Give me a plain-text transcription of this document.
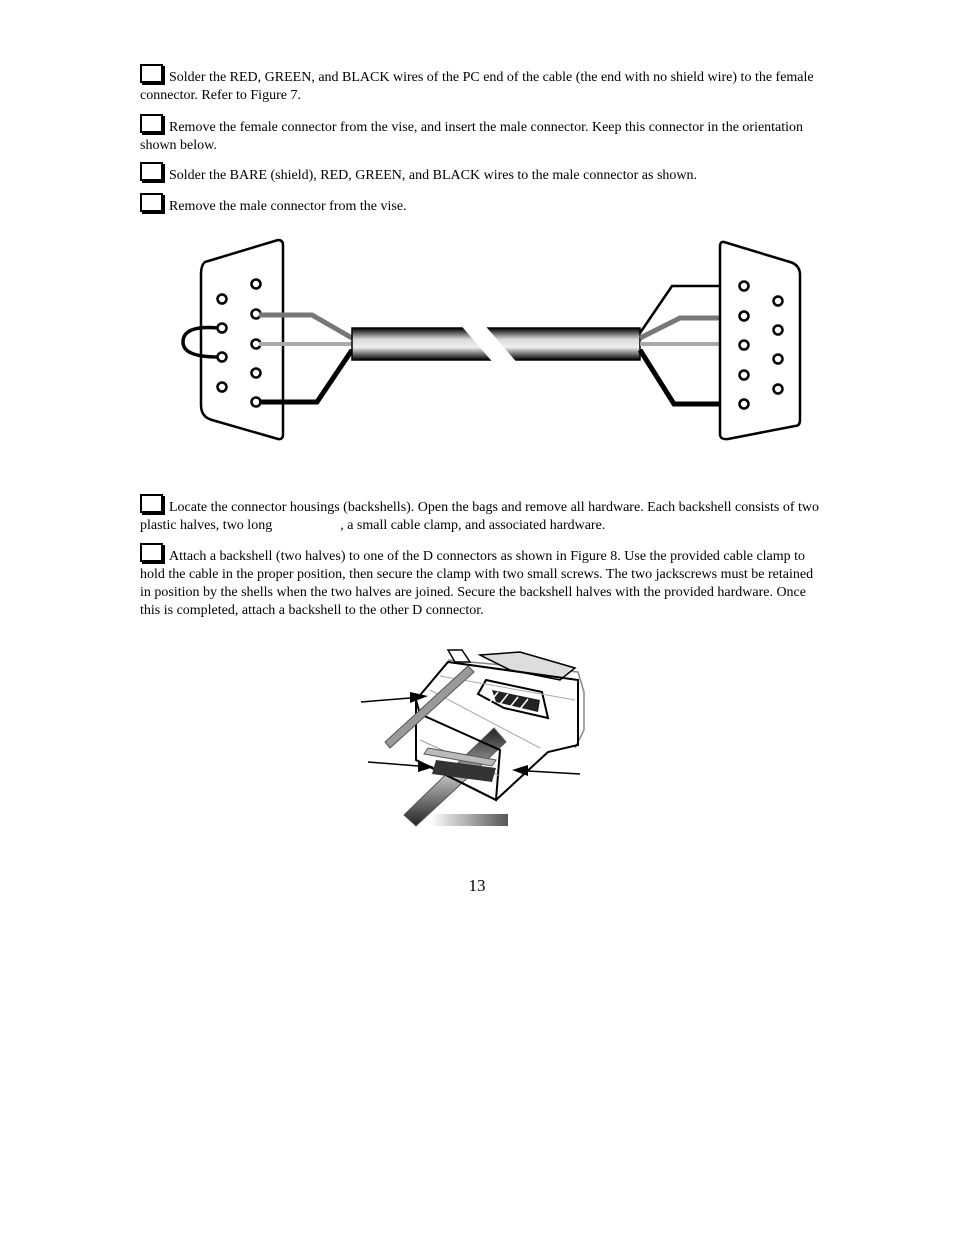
Solder the RED, GREEN, and BLACK wires of the PC end of the cable (the end with no shield wire) to the female connector. Refer to Figure 7.
Remove the female connector from the vise, and insert the male connector. Keep this connector in the orientation shown below.
Solder the BARE (shield), RED, GREEN, and BLACK wires to the male connector as shown.
Remove the male connector from the vise.
Locate the connector housings (backshells). Open the bags and remove all hardware. Each backshell consists of two plastic halves, two long	, a small cable clamp, and associated hardware.
Attach a backshell (two halves) to one of the D connectors as shown in Figure 8. Use the provided cable clamp to hold the cable in the proper position, then secure the clamp with two small screws. The two jackscrews must be retained in position by the shells when the two halves are joined. Secure the backshell halves with the provided hardware. Once this is completed, attach a backshell to the other D connector.
13
